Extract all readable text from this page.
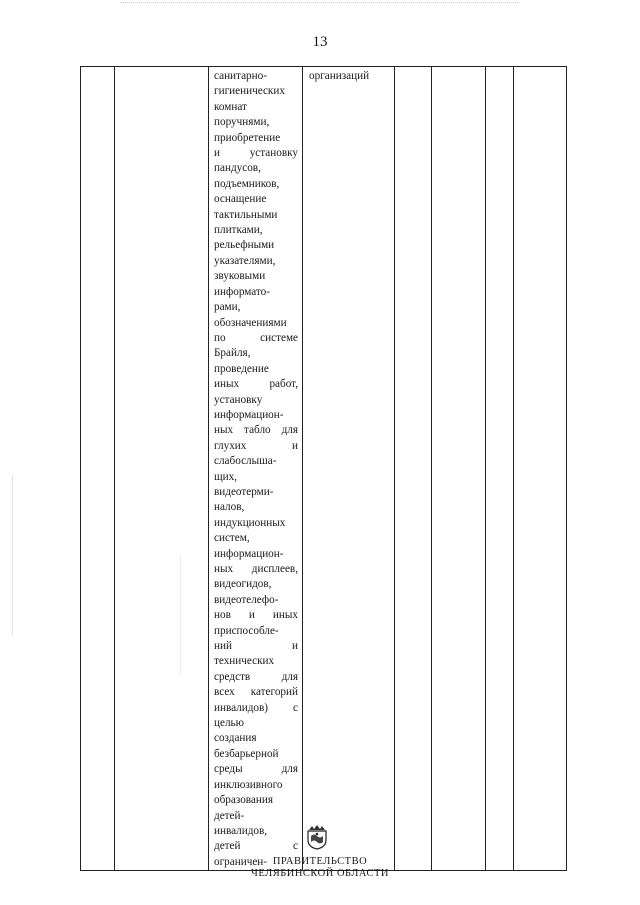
13

санитарно-
гигиенических
комнат
поручнями,
приобретение
и	установку
пандусов,
подъемников,
оснащение
тактильными
плитками,
рельефными
указателями,
звуковыми
информато-
рами,
обозначениями
по	системе
Брайля,
проведение
иных	работ,
установку
информацион-
ных табло для
глухих	и
слабослыша-
щих,
видеотерми-
налов,
индукционных
систем,
информацион-
ных дисплеев,
видеогидов,
видеотелефо-
нов и иных
приспособле-
ний	и
технических
средств	для
всех категорий
инвалидов) с
целью
создания
безбарьерной
среды	для
инклюзивного
образования
детей-
инвалидов,
детей	с
ограничен-
	организаций				
ПРАВИТЕЛЬСТВО
ЧЕЛЯБИНСКОЙ ОБЛАСТИ
